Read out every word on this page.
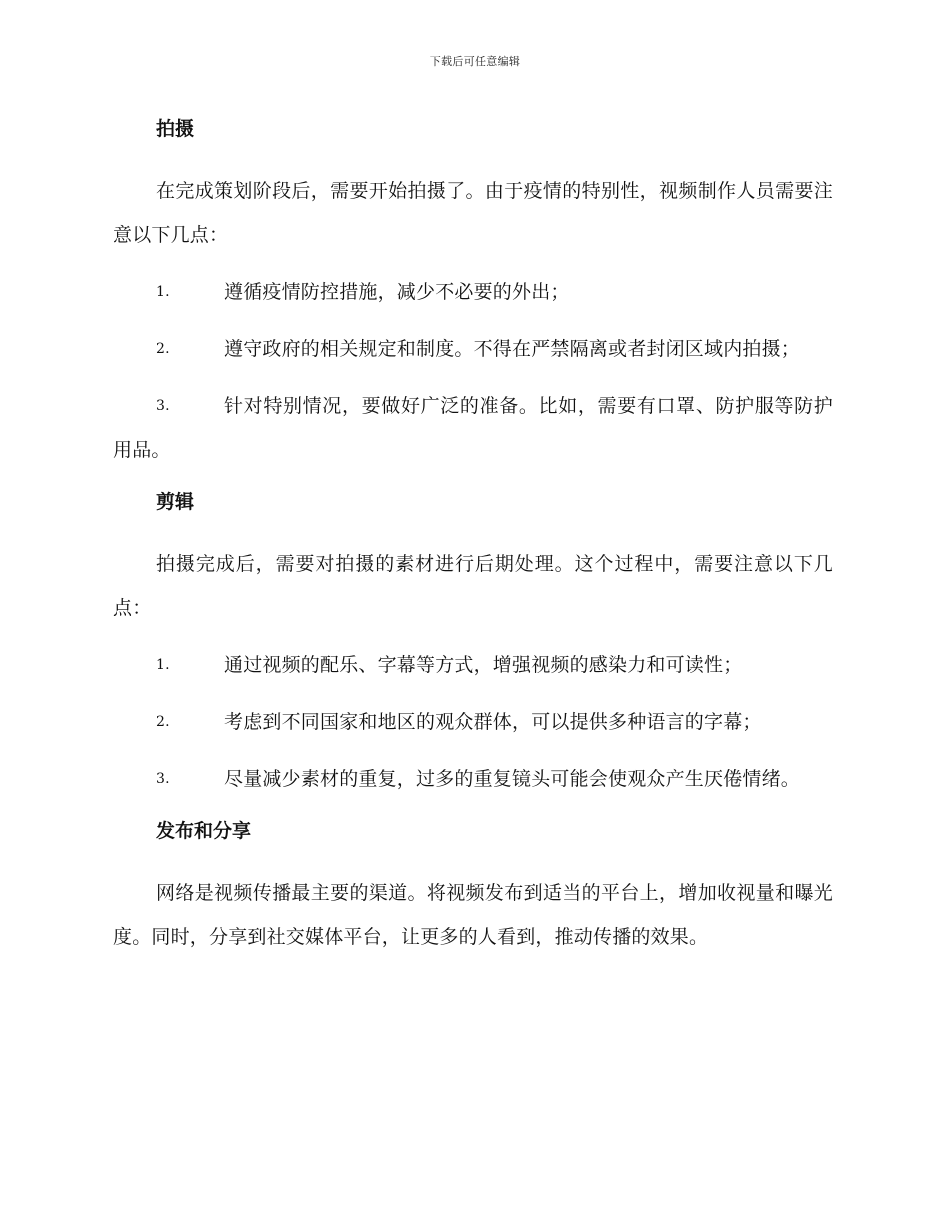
下载后可任意编辑
拍摄

在完成策划阶段后，需要开始拍摄了。由于疫情的特别性，视频制作人员需要注意以下几点：

1.	遵循疫情防控措施，减少不必要的外出；
2.	遵守政府的相关规定和制度。不得在严禁隔离或者封闭区域内拍摄；
3.	针对特别情况，要做好广泛的准备。比如，需要有口罩、防护服等防护用品。
剪辑

拍摄完成后，需要对拍摄的素材进行后期处理。这个过程中，需要注意以下几点：

1.	通过视频的配乐、字幕等方式，增强视频的感染力和可读性；
2.	考虑到不同国家和地区的观众群体，可以提供多种语言的字幕；
3.	尽量减少素材的重复，过多的重复镜头可能会使观众产生厌倦情绪。
发布和分享

网络是视频传播最主要的渠道。将视频发布到适当的平台上，增加收视量和曝光度。同时，分享到社交媒体平台，让更多的人看到，推动传播的效果。
